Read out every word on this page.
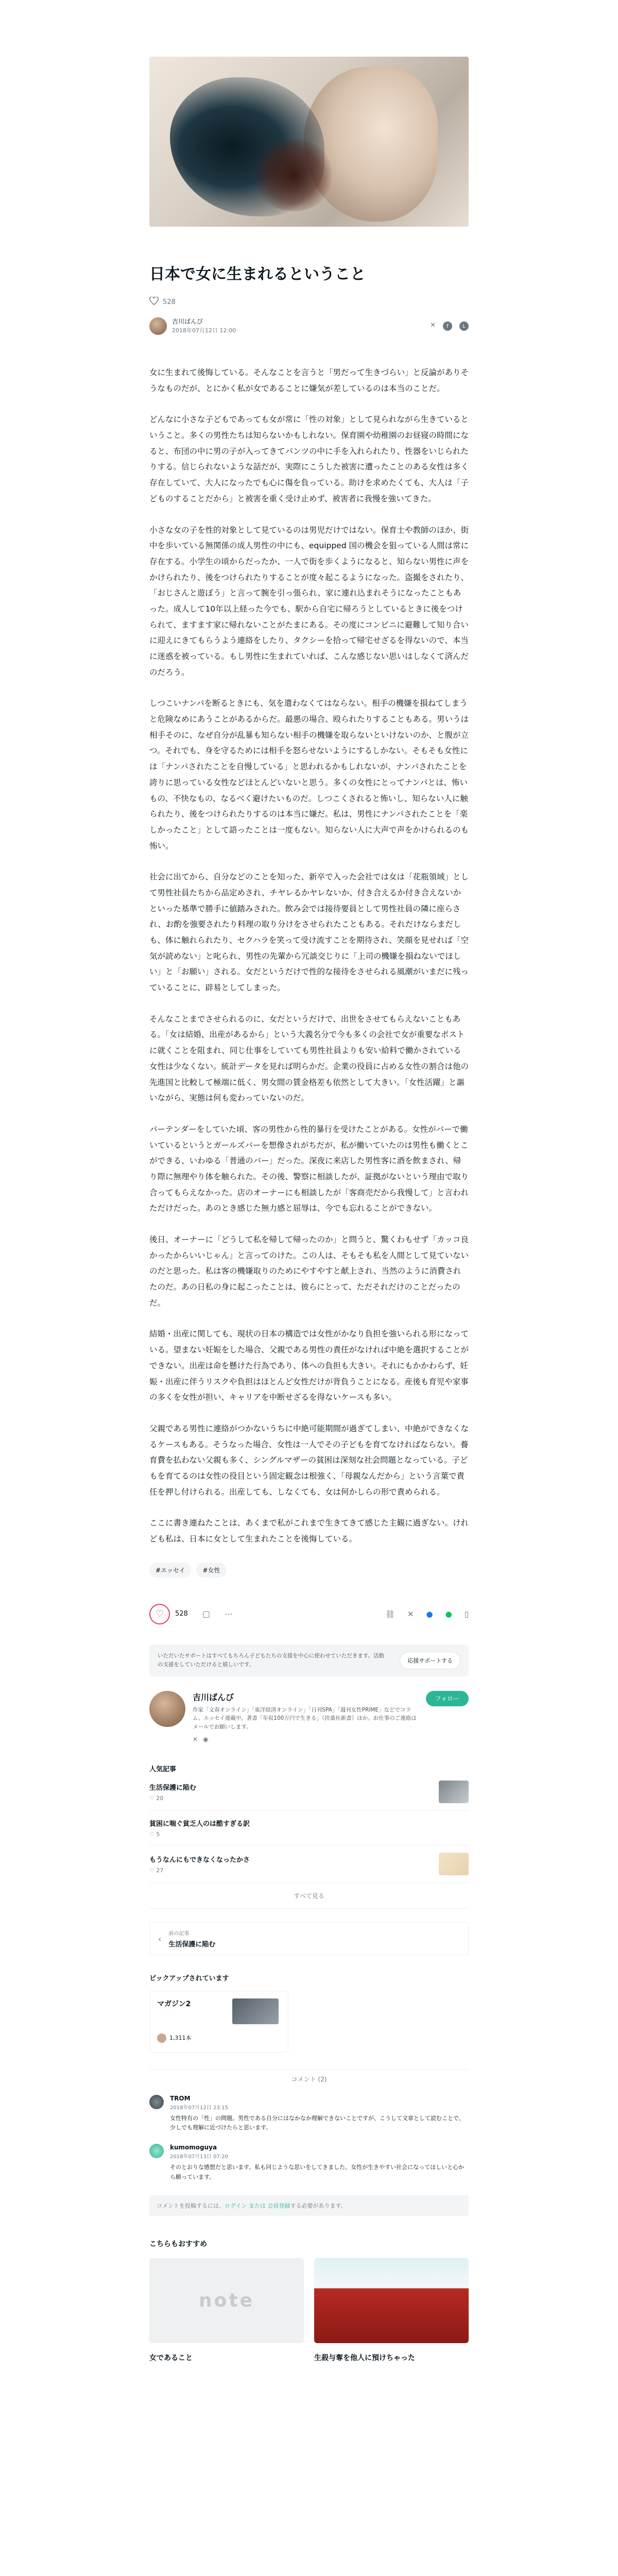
日本で女に生まれるということ
528
吉川ばんび
2018年07月12日 12:00
✕	f	L

女に生まれて後悔している。そんなことを言うと「男だって生きづらい」と反論がありそうなものだが、とにかく私が女であることに嫌気が差しているのは本当のことだ。

どんなに小さな子どもであっても女が常に「性の対象」として見られながら生きているということ。多くの男性たちは知らないかもしれない。保育園や幼稚園のお昼寝の時間になると、布団の中に男の子が入ってきてパンツの中に手を入れられたり、性器をいじられたりする。信じられないような話だが、実際にこうした被害に遭ったことのある女性は多く存在していて、大人になったでも心に傷を負っている。助けを求めたくても、大人は「子どものすることだから」と被害を重く受け止めず、被害者に我慢を強いてきた。

小さな女の子を性的対象として見ているのは男児だけではない。保育士や教師のほか、街中を歩いている無関係の成人男性の中にも、equipped 国の機会を狙っている人間は常に存在する。小学生の頃からだったか、一人で街を歩くようになると、知らない男性に声をかけられたり、後をつけられたりすることが度々起こるようになった。盗撮をされたり、「おじさんと遊ぼう」と言って腕を引っ張られ、家に連れ込まれそうになったこともあった。成人して10年以上経った今でも、駅から自宅に帰ろうとしているときに後をつけられて、ますます家に帰れないことがたまにある。その度にコンビニに避難して知り合いに迎えにきてもらうよう連絡をしたり、タクシーを拾って帰宅せざるを得ないので、本当に迷惑を被っている。もし男性に生まれていれば、こんな感じない思いはしなくて済んだのだろう。

しつこいナンパを断るときにも、気を遣わなくてはならない。相手の機嫌を損ねてしまうと危険なめにあうことがあるからだ。最悪の場合、殴られたりすることもある。男いうは相手そのに、なぜ自分が乱暴も知らない相手の機嫌を取らないといけないのか、と腹が立つ。それでも、身を守るためには相手を怒らせないようにするしかない。そもそも女性には「ナンパされたことを自慢している」と思われるかもしれないが、ナンパされたことを誇りに思っている女性などほとんどいないと思う。多くの女性にとってナンパとは、怖いもの、不快なもの、なるべく避けたいものだ。しつこくされると怖いし、知らない人に触られたり、後をつけられたりするのは本当に嫌だ。私は、男性にナンパされたことを「楽しかったこと」として語ったことは一度もない。知らない人に大声で声をかけられるのも怖い。

社会に出てから、自分などのことを知った、新卒で入った会社では女は「花瓶領域」として男性社員たちから品定めされ、チヤレるかヤレないか、付き合えるか付き合えないかといった基準で勝手に値踏みされた。飲み会では接待要員として男性社員の隣に座らされ、お酌を強要されたり料理の取り分けをさせられたこともある。それだけならまだしも、体に触れられたり、セクハラを笑って受け流すことを期待され、笑顔を見せれば「空気が読めない」と叱られ、男性の先輩から冗談交じりに「上司の機嫌を損ねないでほしい」と「お願い」される。女だというだけで性的な接待をさせられる風潮がいまだに残っていることに、辟易としてしまった。

そんなことまでさせられるのに、女だというだけで、出世をさせてもらえないこともある。「女は結婚、出産があるから」という大義名分で今も多くの会社で女が重要なポストに就くことを阻まれ、同じ仕事をしていても男性社員よりも安い給料で働かされている女性は少なくない。統計データを見れば明らかだ。企業の役員に占める女性の割合は他の先進国と比較して極端に低く、男女間の賃金格差も依然として大きい。「女性活躍」と謳いながら、実態は何も変わっていないのだ。

パーテンダーをしていた頃、客の男性から性的暴行を受けたことがある。女性がバーで働いているというとガールズバーを想像されがちだが、私が働いていたのは男性も働くとこができる、いわゆる「普通のバー」だった。深夜に来店した男性客に酒を飲まされ、帰り際に無理やり体を触られた。その後、警察に相談したが、証拠がないという理由で取り合ってもらえなかった。店のオーナーにも相談したが「客商売だから我慢して」と言われただけだった。あのとき感じた無力感と屈辱は、今でも忘れることができない。

後日、オーナーに「どうして私を帰して帰ったのか」と問うと、驚くわもせず「カッコ良かったからいいじゃん」と言ってのけた。この人は、そもそも私を人間として見ていないのだと思った。私は客の機嫌取りのためにやすやすと献上され、当然のように消費されたのだ。あの日私の身に起こったことは、彼らにとって、ただそれだけのことだったのだ。

結婚・出産に関しても、現状の日本の構造では女性がかなり負担を強いられる形になっている。望まない妊娠をした場合、父親である男性の責任がなければ中絶を選択することができない。出産は命を懸けた行為であり、体への負担も大きい。それにもかかわらず、妊娠・出産に伴うリスクや負担はほとんど女性だけが背負うことになる。産後も育児や家事の多くを女性が担い、キャリアを中断せざるを得ないケースも多い。

父親である男性に連絡がつかないうちに中絶可能期間が過ぎてしまい、中絶ができなくなるケースもある。そうなった場合、女性は一人でその子どもを育てなければならない。養育費を払わない父親も多く、シングルマザーの貧困は深刻な社会問題となっている。子どもを育てるのは女性の役目という固定観念は根強く、「母親なんだから」という言葉で責任を押し付けられる。出産しても、しなくても、女は何かしらの形で責められる。

ここに書き連ねたことは、あくまで私がこれまで生きてきて感じた主観に過ぎない。けれども私は、日本に女として生まれたことを後悔している。

#エッセイ	#女性
♡ 528 ▢ ⋯	⛓ ✕ ● ● ▯
いただいたサポートはすべてもちろん子どもたちの支援を中心に使わせていただきます。活動の支援をしていただけると嬉しいです。
応援サポートする
吉川ばんび
作家「文春オンライン」「東洋経済オンライン」「日刊SPA」「週刊女性PRIME」などでコラム、エッセイ連載中。著書「年収100万円で生きる」（扶桑社新書）ほか。お仕事のご連絡はメールでお願いします。
✕ ◉
フォロー
人気記事
生活保護に陥む
♡ 20
貧困に喘ぐ貧乏人のは酷すぎる訳
♡ 5
もうなんにもできなくなったかさ
♡ 27
すべて見る
‹ 前の記事
生活保護に陥む
ピックアップされています
マガジン2
1,311本
コメント (2)
TROM
2018年07月12日 23:15
女性特有の「性」の問題。男性である自分にはなかなか理解できないことですが、こうして文章として読むことで、少しでも理解に近づけたらと思います。
kumomoguya
2018年07月13日 07:20
そのとおりな感想だと思います。私も同じような思いをしてきました。女性が生きやすい社会になってほしいと心から願っています。
コメントを投稿するには、ログイン または 会員登録する必要があります。
こちらもおすすめ
note
女であること	生殺与奪を他人に預けちゃった
